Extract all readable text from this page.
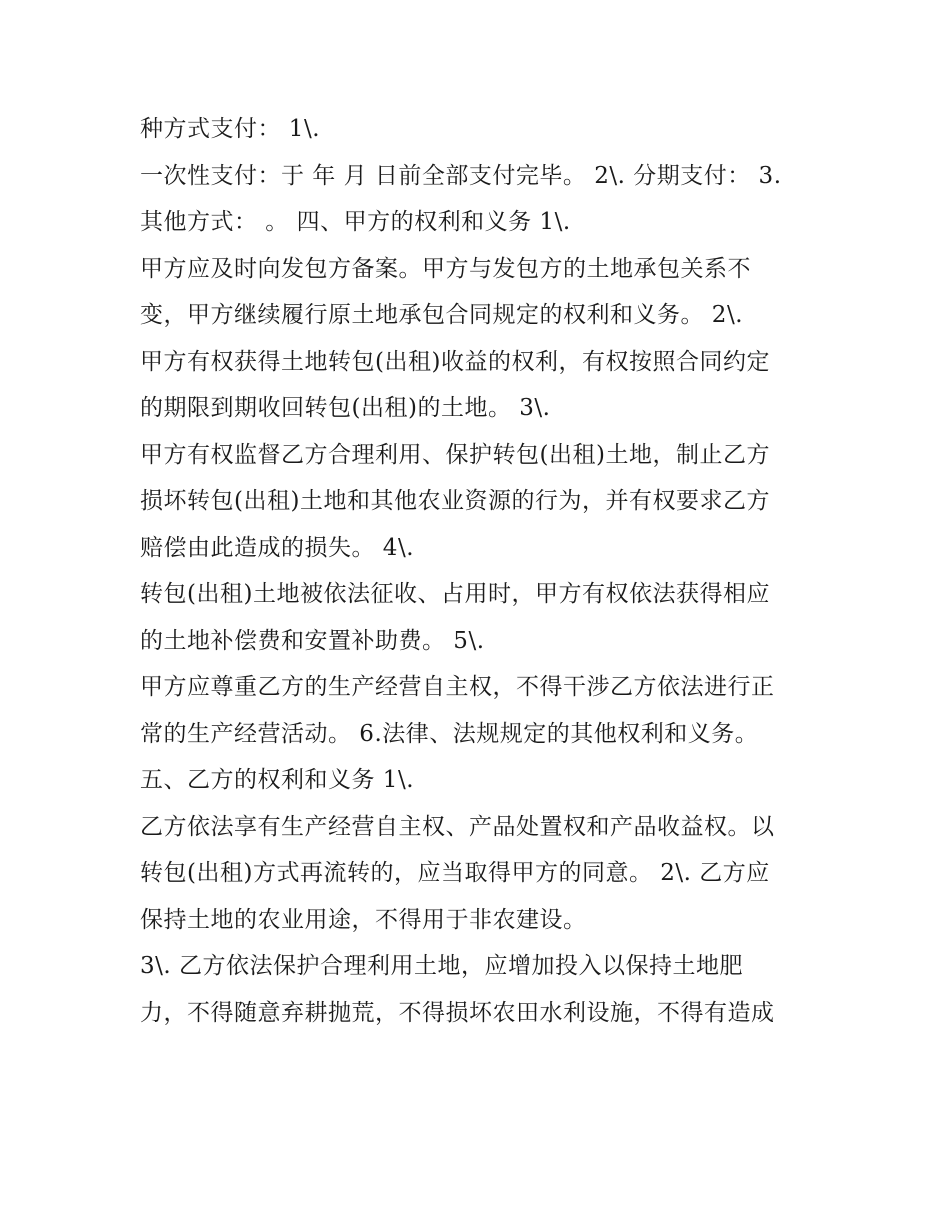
种方式支付： 1\.
一次性支付：于 年 月 日前全部支付完毕。 2\. 分期支付： 3.
其他方式： 。 四、甲方的权利和义务 1\.
甲方应及时向发包方备案。甲方与发包方的土地承包关系不
变，甲方继续履行原土地承包合同规定的权利和义务。 2\.
甲方有权获得土地转包(出租)收益的权利，有权按照合同约定
的期限到期收回转包(出租)的土地。 3\.
甲方有权监督乙方合理利用、保护转包(出租)土地，制止乙方
损坏转包(出租)土地和其他农业资源的行为，并有权要求乙方
赔偿由此造成的损失。 4\.
转包(出租)土地被依法征收、占用时，甲方有权依法获得相应
的土地补偿费和安置补助费。 5\.
甲方应尊重乙方的生产经营自主权，不得干涉乙方依法进行正
常的生产经营活动。 6.法律、法规规定的其他权利和义务。
五、乙方的权利和义务 1\.
乙方依法享有生产经营自主权、产品处置权和产品收益权。以
转包(出租)方式再流转的，应当取得甲方的同意。 2\. 乙方应
保持土地的农业用途，不得用于非农建设。
3\. 乙方依法保护合理利用土地，应增加投入以保持土地肥
力，不得随意弃耕抛荒，不得损坏农田水利设施，不得有造成
